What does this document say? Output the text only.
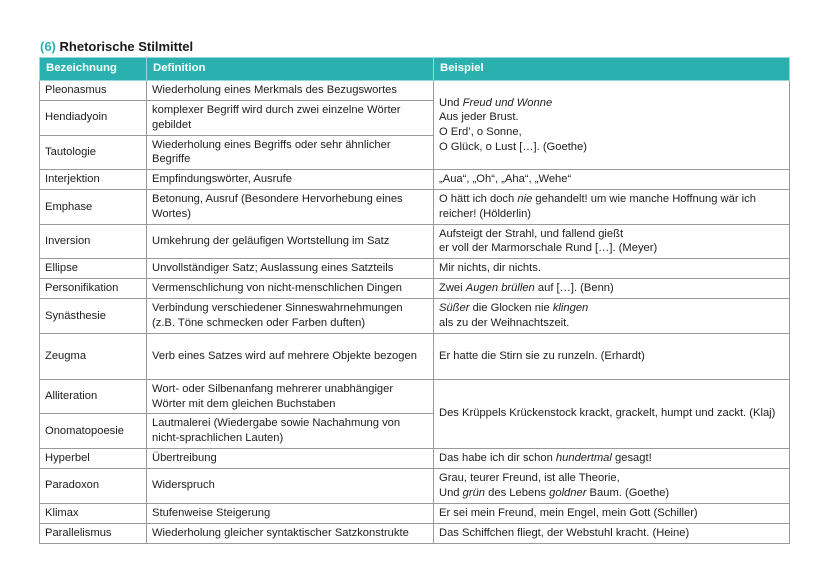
(6) Rhetorische Stilmittel
Bezeichnung	Definition	Beispiel
Pleonasmus	Wiederholung eines Merkmals des Bezugswortes	Und Freud und Wonne
Aus jeder Brust.
O Erd’, o Sonne,
O Glück, o Lust […]. (Goethe)

Hendiadyoin	komplexer Begriff wird durch zwei einzelne Wörter gebildet	
Tautologie	Wiederholung eines Begriffs oder sehr ähnlicher Begriffe	
Interjektion	Empfindungswörter, Ausrufe	„Aua“, „Oh“, „Aha“, „Wehe“
Emphase	Betonung, Ausruf (Besondere Hervorhebung eines Wortes)	O hätt ich doch nie gehandelt! um wie manche Hoffnung wär ich reicher! (Hölderlin)
Inversion	Umkehrung der geläufigen Wortstellung im Satz	Aufsteigt der Strahl, und fallend gießt
er voll der Marmorschale Rund […]. (Meyer)

Ellipse	Unvollständiger Satz; Auslassung eines Satzteils	Mir nichts, dir nichts.
Personifikation	Vermenschlichung von nicht-menschlichen Dingen	Zwei Augen brüllen auf […]. (Benn)
Synästhesie	Verbindung verschiedener Sinneswahrnehmungen (z.B. Töne schmecken oder Farben duften)	Süßer die Glocken nie klingen
als zu der Weihnachtszeit.

Zeugma	Verb eines Satzes wird auf mehrere Objekte bezogen	Er hatte die Stirn sie zu runzeln. (Erhardt)
Alliteration	Wort- oder Silbenanfang mehrerer unabhängiger Wörter mit dem gleichen Buchstaben	Des Krüppels Krückenstock krackt, grackelt, humpt und zackt. (Klaj)
Onomatopoesie	Lautmalerei (Wiedergabe sowie Nachahmung von nicht-sprachlichen Lauten)	
Hyperbel	Übertreibung	Das habe ich dir schon hundertmal gesagt!
Paradoxon	Widerspruch	Grau, teurer Freund, ist alle Theorie,
Und grün des Lebens goldner Baum. (Goethe)

Klimax	Stufenweise Steigerung	Er sei mein Freund, mein Engel, mein Gott (Schiller)
Parallelismus	Wiederholung gleicher syntaktischer Satzkonstrukte	Das Schiffchen fliegt, der Webstuhl kracht. (Heine)
